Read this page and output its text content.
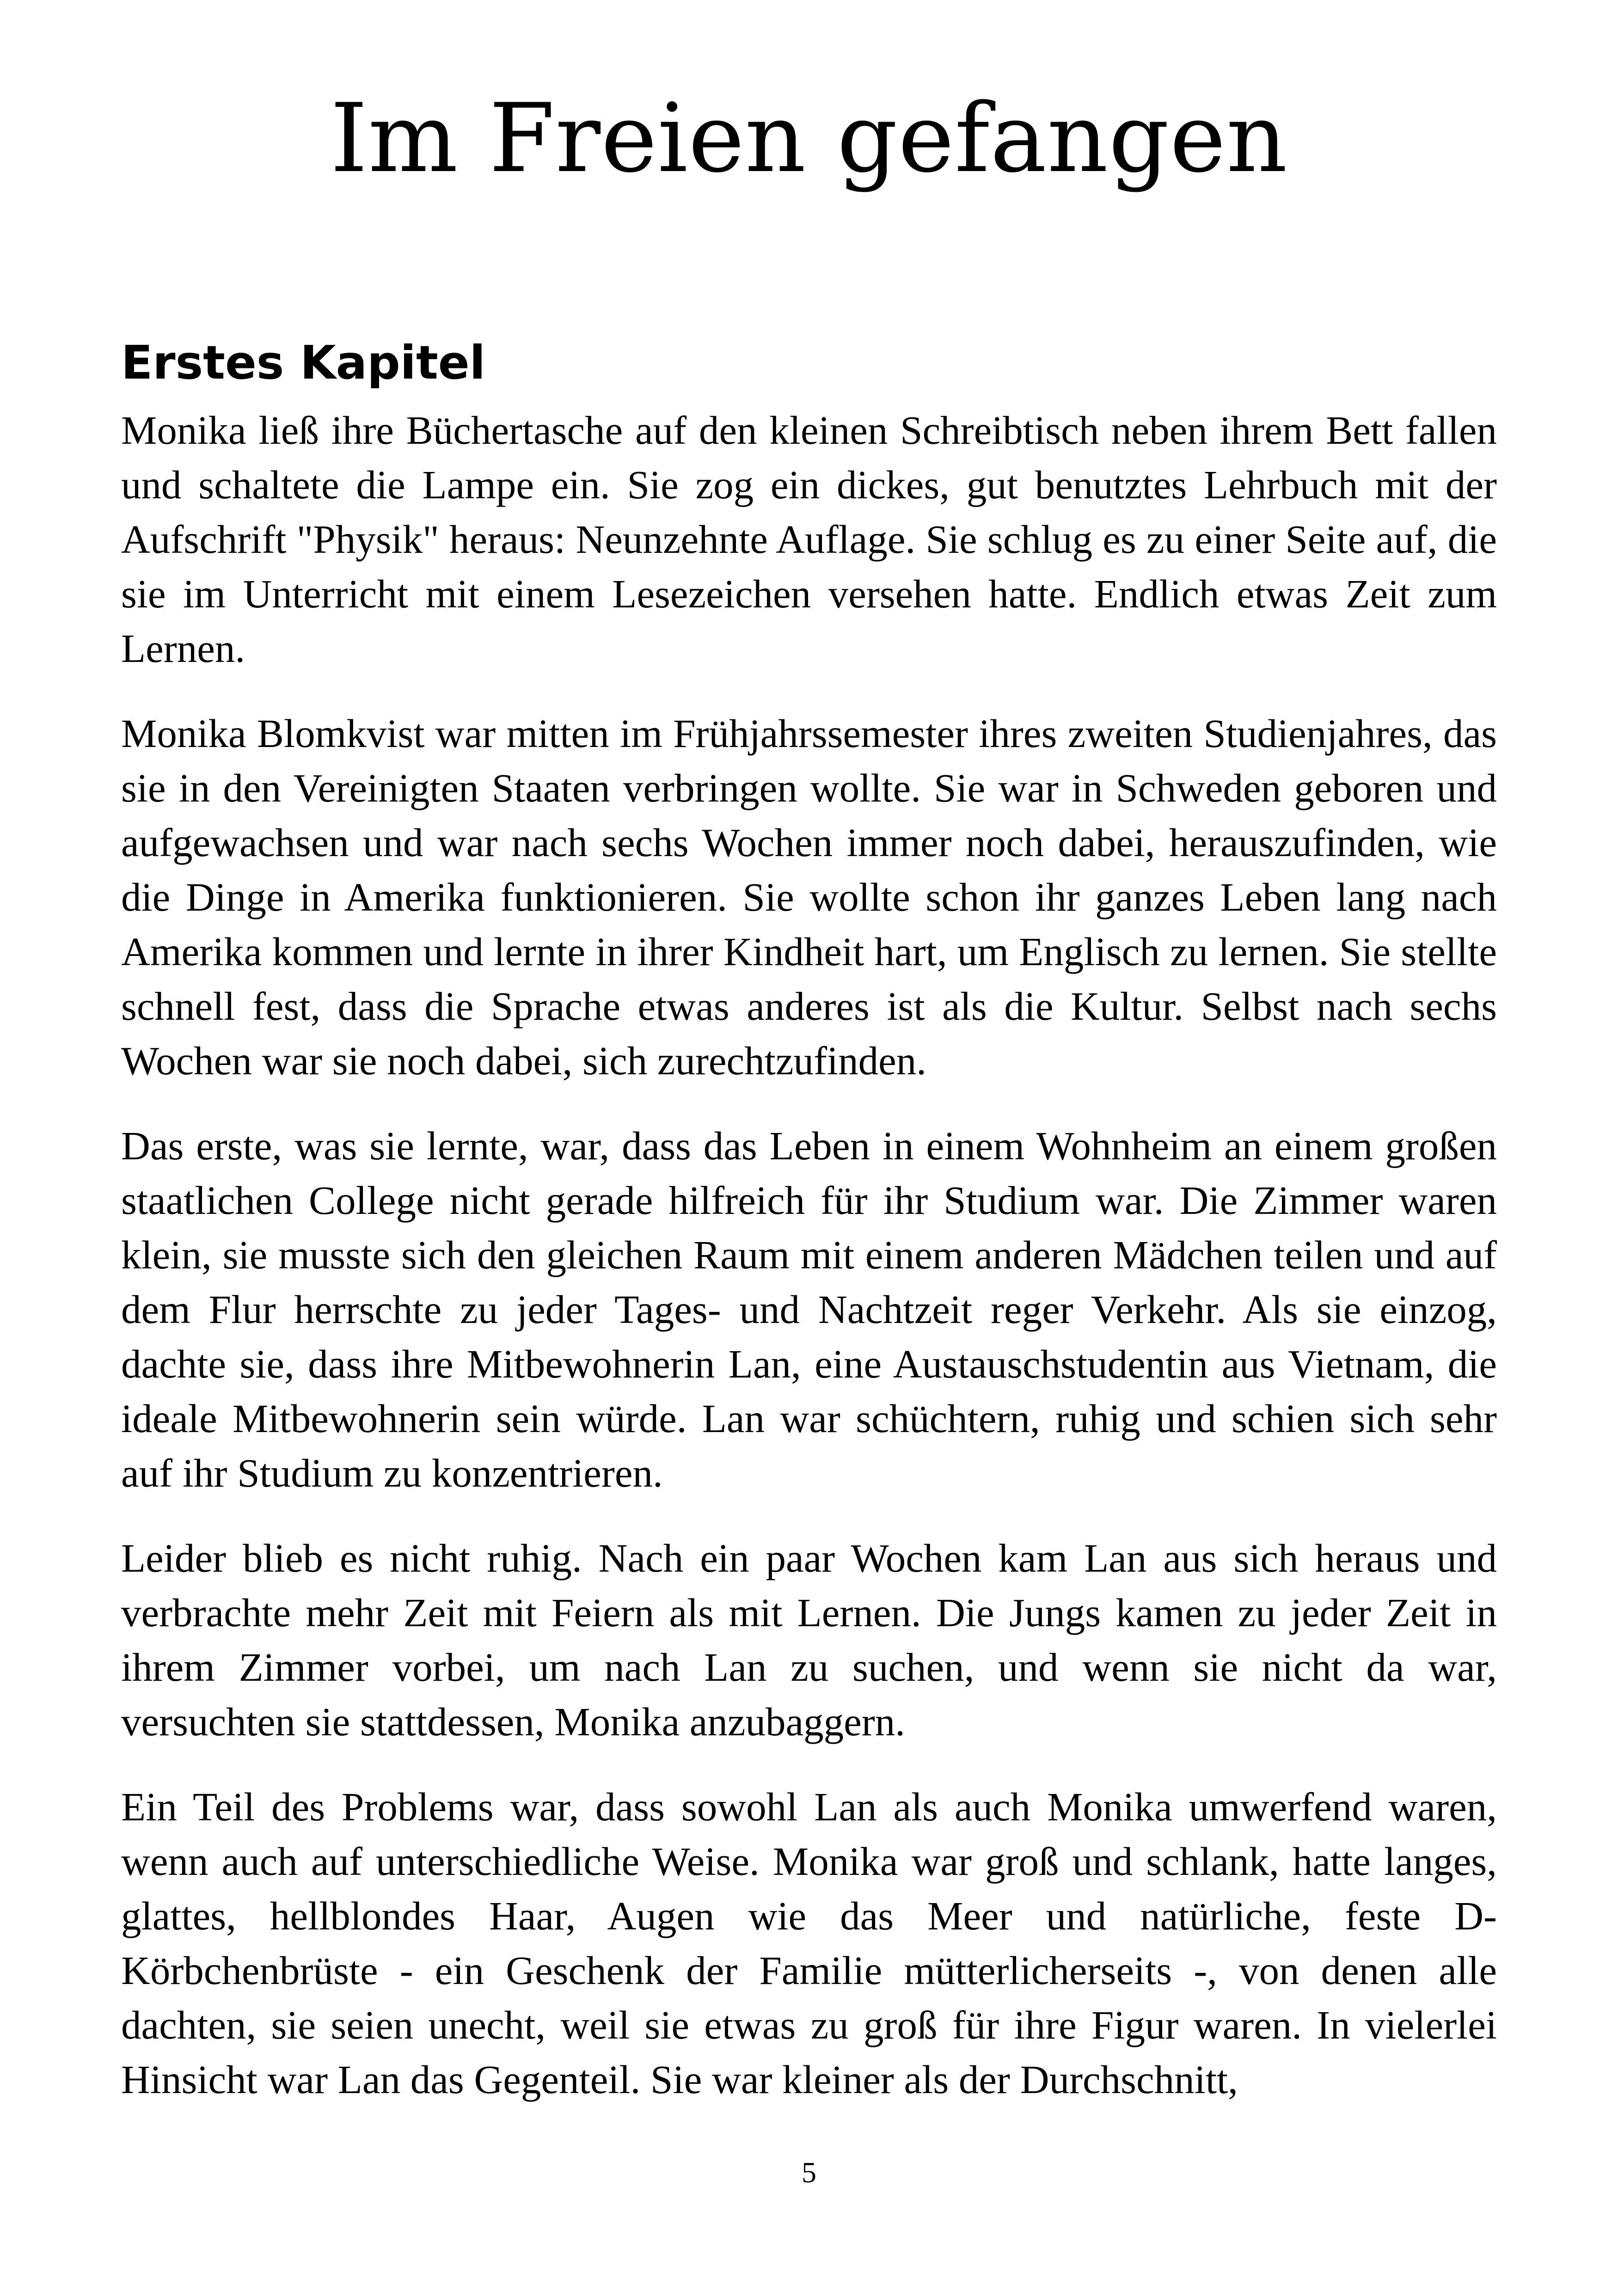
Im Freien gefangen
Erstes Kapitel

Monika ließ ihre Büchertasche auf den kleinen Schreibtisch neben ihrem Bett fallen und schaltete die Lampe ein. Sie zog ein dickes, gut benutztes Lehrbuch mit der Aufschrift "Physik" heraus: Neunzehnte Auflage. Sie schlug es zu einer Seite auf, die sie im Unterricht mit einem Lesezeichen versehen hatte. Endlich etwas Zeit zum Lernen.

Monika Blomkvist war mitten im Frühjahrssemester ihres zweiten Studienjahres, das sie in den Vereinigten Staaten verbringen wollte. Sie war in Schweden geboren und aufgewachsen und war nach sechs Wochen immer noch dabei, herauszufinden, wie die Dinge in Amerika funktionieren. Sie wollte schon ihr ganzes Leben lang nach Amerika kommen und lernte in ihrer Kindheit hart, um Englisch zu lernen. Sie stellte schnell fest, dass die Sprache etwas anderes ist als die Kultur. Selbst nach sechs Wochen war sie noch dabei, sich zurechtzufinden.

Das erste, was sie lernte, war, dass das Leben in einem Wohnheim an einem großen staatlichen College nicht gerade hilfreich für ihr Studium war. Die Zimmer waren klein, sie musste sich den gleichen Raum mit einem anderen Mädchen teilen und auf dem Flur herrschte zu jeder Tages- und Nachtzeit reger Verkehr. Als sie einzog, dachte sie, dass ihre Mitbewohnerin Lan, eine Austauschstudentin aus Vietnam, die ideale Mitbewohnerin sein würde. Lan war schüchtern, ruhig und schien sich sehr auf ihr Studium zu konzentrieren.

Leider blieb es nicht ruhig. Nach ein paar Wochen kam Lan aus sich heraus und verbrachte mehr Zeit mit Feiern als mit Lernen. Die Jungs kamen zu jeder Zeit in ihrem Zimmer vorbei, um nach Lan zu suchen, und wenn sie nicht da war, versuchten sie stattdessen, Monika anzubaggern.

Ein Teil des Problems war, dass sowohl Lan als auch Monika umwerfend waren, wenn auch auf unterschiedliche Weise. Monika war groß und schlank, hatte langes, glattes, hellblondes Haar, Augen wie das Meer und natürliche, feste D-Körbchenbrüste - ein Geschenk der Familie mütterlicherseits -, von denen alle dachten, sie seien unecht, weil sie etwas zu groß für ihre Figur waren. In vielerlei Hinsicht war Lan das Gegenteil. Sie war kleiner als der Durchschnitt,

5
